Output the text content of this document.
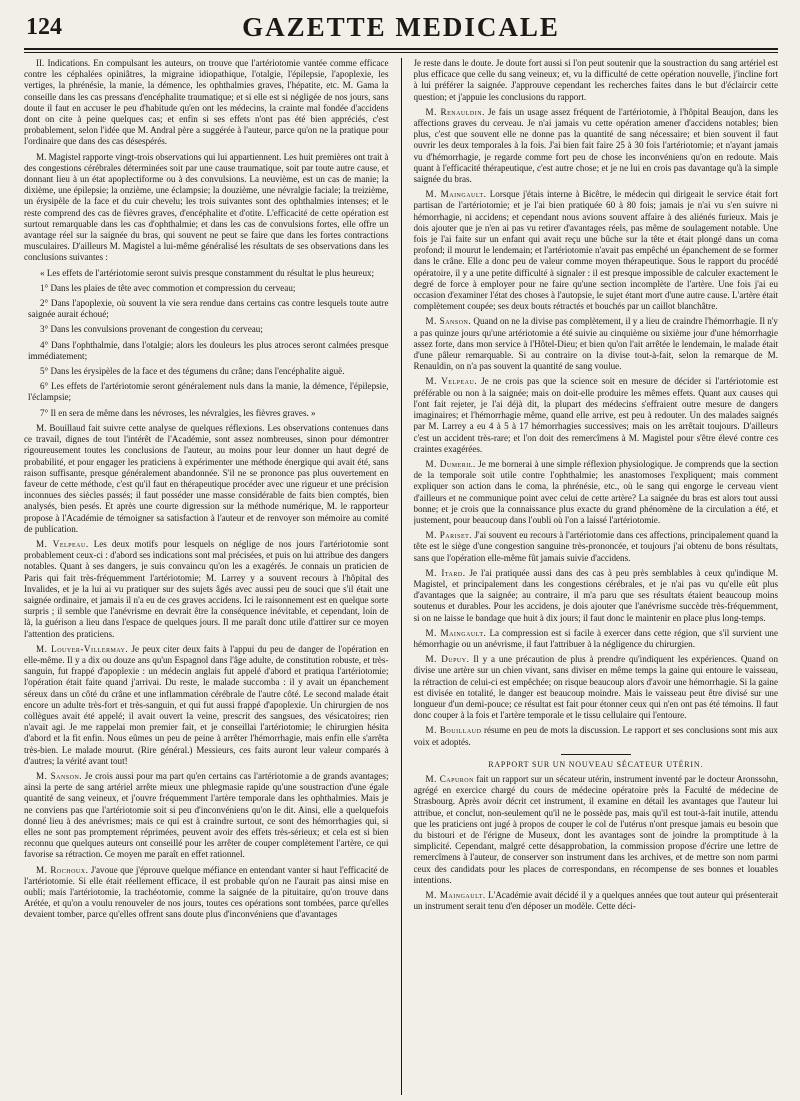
124	GAZETTE MEDICALE

II. Indications. En compulsant les auteurs, on trouve que l'artériotomie vantée comme efficace contre les céphalées opiniâtres, la migraine idiopathique, l'otalgie, l'épilepsie, l'apoplexie, les vertiges, la phrénésie, la manie, la démence, les ophthalmies graves, l'hépatite, etc. M. Gama la conseille dans les cas pressans d'encéphalite traumatique; et si elle est si négligée de nos jours, sans doute il faut en accuser le peu d'habitude qu'en ont les médecins, la crainte mal fondée d'accidens dont on cite à peine quelques cas; et enfin si ses effets n'ont pas été bien appréciés, c'est probablement, selon l'idée que M. Andral père a suggérée à l'auteur, parce qu'on ne la pratique pour l'ordinaire que dans des cas désespérés.

M. Magistel rapporte vingt-trois observations qui lui appartiennent. Les huit premières ont trait à des congestions cérébrales déterminées soit par une cause traumatique, soit par toute autre cause, et donnant lieu à un état apoplectiforme ou à des convulsions. La neuvième, est un cas de manie; la dixième, une épilepsie; la onzième, une éclampsie; la douzième, une névralgie faciale; la treizième, un érysipèle de la face et du cuir chevelu; les trois suivantes sont des ophthalmies intenses; et le reste comprend des cas de fièvres graves, d'encéphalite et d'otite. L'efficacité de cette opération est surtout remarquable dans les cas d'ophthalmie; et dans les cas de convulsions fortes, elle offre un avantage réel sur la saignée du bras, qui souvent ne peut se faire que dans les fortes contractions musculaires. D'ailleurs M. Magistel a lui-même généralisé les résultats de ses observations dans les conclusions suivantes :

« Les effets de l'artériotomie seront suivis presque constamment du résultat le plus heureux;

1° Dans les plaies de tête avec commotion et compression du cerveau;

2° Dans l'apoplexie, où souvent la vie sera rendue dans certains cas contre lesquels toute autre saignée aurait échoué;

3° Dans les convulsions provenant de congestion du cerveau;

4° Dans l'ophthalmie, dans l'otalgie; alors les douleurs les plus atroces seront calmées presque immédiatement;

5° Dans les érysipèles de la face et des tégumens du crâne; dans l'encéphalite aiguë.

6° Les effets de l'artériotomie seront généralement nuls dans la manie, la démence, l'épilepsie, l'éclampsie;

7° Il en sera de même dans les névroses, les névralgies, les fièvres graves. »

M. Bouillaud fait suivre cette analyse de quelques réflexions. Les observations contenues dans ce travail, dignes de tout l'intérêt de l'Académie, sont assez nombreuses, sinon pour démontrer rigoureusement toutes les conclusions de l'auteur, au moins pour leur donner un haut degré de probabilité, et pour engager les praticiens à expérimenter une méthode énergique qui avait été, sans raison suffisante, presque généralement abandonnée. S'il ne se prononce pas plus ouvertement en faveur de cette méthode, c'est qu'il faut en thérapeutique procéder avec une rigueur et une précision inconnues des siècles passés; il faut posséder une masse considérable de faits bien comptés, bien analysés, bien pesés. Et après une courte digression sur la méthode numérique, M. le rapporteur propose à l'Académie de témoigner sa satisfaction à l'auteur et de renvoyer son mémoire au comité de publication.

M. Velpeau. Les deux motifs pour lesquels on néglige de nos jours l'artériotomie sont probablement ceux-ci : d'abord ses indications sont mal précisées, et puis on lui attribue des dangers notables. Quant à ses dangers, je suis convaincu qu'on les a exagérés. Je connais un praticien de Paris qui fait très-fréquemment l'artériotomie; M. Larrey y a souvent recours à l'hôpital des Invalides, et je la lui ai vu pratiquer sur des sujets âgés avec aussi peu de souci que s'il était une saignée ordinaire, et jamais il n'a eu de ces graves accidens. Ici le raisonnement est en quelque sorte surpris ; il semble que l'anévrisme en devrait être la conséquence inévitable, et cependant, loin de là, la guérison a lieu dans l'espace de quelques jours. Il me paraît donc utile d'attirer sur ce moyen l'attention des praticiens.

M. Louyer-Villermay. Je peux citer deux faits à l'appui du peu de danger de l'opération en elle-même. Il y a dix ou douze ans qu'un Espagnol dans l'âge adulte, de constitution robuste, et très-sanguin, fut frappé d'apoplexie : un médecin anglais fut appelé d'abord et pratiqua l'artériotomie; l'opération était faite quand j'arrivai. Du reste, le malade succomba : il y avait un épanchement séreux dans un côté du crâne et une inflammation cérébrale de l'autre côté. Le second malade était encore un adulte très-fort et très-sanguin, et qui fut aussi frappé d'apoplexie. Un chirurgien de nos collègues avait été appelé; il avait ouvert la veine, prescrit des sangsues, des vésicatoires; rien n'avait agi. Je me rappelai mon premier fait, et je conseillai l'artériotomie; le chirurgien hésita d'abord et la fit enfin. Nous eûmes un peu de peine à arrêter l'hémorrhagie, mais enfin elle s'arrêta très-bien. Le malade mourut. (Rire général.) Messieurs, ces faits auront leur valeur comparés à d'autres; la vérité avant tout!

M. Sanson. Je crois aussi pour ma part qu'en certains cas l'artériotomie a de grands avantages; ainsi la perte de sang artériel arrête mieux une phlegmasie rapide qu'une soustraction d'une égale quantité de sang veineux, et j'ouvre fréquemment l'artère temporale dans les ophthalmies. Mais je ne conviens pas que l'artériotomie soit si peu d'inconvéniens qu'on le dit. Ainsi, elle a quelquefois donné lieu à des anévrismes; mais ce qui est à craindre surtout, ce sont des hémorrhagies qui, si elles ne sont pas promptement réprimées, peuvent avoir des effets très-sérieux; et cela est si bien reconnu que quelques auteurs ont conseillé pour les arrêter de couper complètement l'artère, ce qui favorise sa rétraction. Ce moyen me paraît en effet rationnel.

M. Rochoux. J'avoue que j'éprouve quelque méfiance en entendant vanter si haut l'efficacité de l'artériotomie. Si elle était réellement efficace, il est probable qu'on ne l'aurait pas ainsi mise en oubli; mais l'artériotomie, la trachéotomie, comme la saignée de la pituitaire, qu'on trouve dans Arétée, et qu'on a voulu renouveler de nos jours, toutes ces opérations sont tombées, parce qu'elles devaient tomber, parce qu'elles offrent sans doute plus d'inconvéniens que d'avantages

Je reste dans le doute. Je doute fort aussi si l'on peut soutenir que la soustraction du sang artériel est plus efficace que celle du sang veineux; et, vu la difficulté de cette opération nouvelle, j'incline fort à lui préférer la saignée. J'approuve cependant les recherches faites dans le but d'éclaircir cette question; et j'appuie les conclusions du rapport.

M. Renauldin. Je fais un usage assez fréquent de l'artériotomie, à l'hôpital Beaujon, dans les affections graves du cerveau. Je n'ai jamais vu cette opération amener d'accidens notables; bien plus, c'est que souvent elle ne donne pas la quantité de sang nécessaire; et bien souvent il faut ouvrir les deux temporales à la fois. J'ai bien fait faire 25 à 30 fois l'artériotomie; et n'ayant jamais vu d'hémorrhagie, je regarde comme fort peu de chose les inconvéniens qu'on en redoute. Mais quant à l'efficacité thérapeutique, c'est autre chose; et je ne lui en crois pas davantage qu'à la simple saignée du bras.

M. Maingault. Lorsque j'étais interne à Bicêtre, le médecin qui dirigeait le service était fort partisan de l'artériotomie; et je l'ai bien pratiquée 60 à 80 fois; jamais je n'ai vu s'en suivre ni hémorrhagie, ni accidens; et cependant nous avions souvent affaire à des aliénés furieux. Mais je dois ajouter que je n'en ai pas vu retirer d'avantages réels, pas même de soulagement notable. Une fois je l'ai faite sur un enfant qui avait reçu une bûche sur la tête et était plongé dans un coma profond; il mourut le lendemain; et l'artériotomie n'avait pas empêché un épanchement de se former dans le crâne. Elle a donc peu de valeur comme moyen thérapeutique. Sous le rapport du procédé opératoire, il y a une petite difficulté à signaler : il est presque impossible de calculer exactement le degré de force à employer pour ne faire qu'une section incomplète de l'artère. Une fois j'ai eu occasion d'examiner l'état des choses à l'autopsie, le sujet étant mort d'une autre cause. L'artère était complètement coupée; ses deux bouts rétractés et bouchés par un caillot blanchâtre.

M. Sanson. Quand on ne la divise pas complètement, il y a lieu de craindre l'hémorrhagie. Il n'y a pas quinze jours qu'une artériotomie a été suivie au cinquième ou sixième jour d'une hémorrhagie assez forte, dans mon service à l'Hôtel-Dieu; et bien qu'on l'ait arrêtée le lendemain, le malade était d'une pâleur remarquable. Si au contraire on la divise tout-à-fait, selon la remarque de M. Renauldin, on n'a pas souvent la quantité de sang voulue.

M. Velpeau. Je ne crois pas que la science soit en mesure de décider si l'artériotomie est préférable ou non à la saignée; mais on doit-elle produire les mêmes effets. Quant aux causes qui l'ont fait rejeter, je l'ai déjà dit, la plupart des médecins s'effraient outre mesure de dangers imaginaires; et l'hémorrhagie même, quand elle arrive, est peu à redouter. Un des malades saignés par M. Larrey a eu 4 à 5 à 17 hémorrhagies successives; mais on les arrêtait toujours. D'ailleurs c'est un accident très-rare; et l'on doit des remercîmens à M. Magistel pour s'être élevé contre ces craintes exagérées.

M. Dumeril. Je me bornerai à une simple réflexion physiologique. Je comprends que la section de la temporale soit utile contre l'ophthalmie; les anastomoses l'expliquent; mais comment expliquer son action dans le coma, la phrénésie, etc., où le sang qui engorge le cerveau vient d'ailleurs et ne communique point avec celui de cette artère? La saignée du bras est alors tout aussi bonne; et je crois que la connaissance plus exacte du grand phénomène de la circulation a été, et justement, pour beaucoup dans l'oubli où l'on a laissé l'artériotomie.

M. Pariset. J'ai souvent eu recours à l'artériotomie dans ces affections, principalement quand la tête est le siège d'une congestion sanguine très-prononcée, et toujours j'ai obtenu de bons résultats, sans que l'opération elle-même fût jamais suivie d'accidens.

M. Itard. Je l'ai pratiquée aussi dans des cas à peu près semblables à ceux qu'indique M. Magistel, et principalement dans les congestions cérébrales, et je n'ai pas vu qu'elle eût plus d'avantages que la saignée; au contraire, il m'a paru que ses résultats étaient beaucoup moins soutenus et durables. Pour les accidens, je dois ajouter que l'anévrisme succède très-fréquemment, si on ne laisse le bandage que huit à dix jours; il faut donc le maintenir en place plus long-temps.

M. Maingault. La compression est si facile à exercer dans cette région, que s'il survient une hémorrhagie ou un anévrisme, il faut l'attribuer à la négligence du chirurgien.

M. Dupuy. Il y a une précaution de plus à prendre qu'indiquent les expériences. Quand on divise une artère sur un chien vivant, sans diviser en même temps la gaine qui entoure le vaisseau, la rétraction de celui-ci est empêchée; on risque beaucoup alors d'avoir une hémorrhagie. Si la gaine est divisée en totalité, le danger est beaucoup moindre. Mais le vaisseau peut être divisé sur une longueur d'un demi-pouce; ce résultat est fait pour étonner ceux qui n'en ont pas été témoins. Il faut donc couper à la fois et l'artère temporale et le tissu cellulaire qui l'entoure.

M. Bouillaud résume en peu de mots la discussion. Le rapport et ses conclusions sont mis aux voix et adoptés.

RAPPORT SUR UN NOUVEAU SÉCATEUR UTÉRIN.

M. Capuron fait un rapport sur un sécateur utérin, instrument inventé par le docteur Aronssohn, agrégé en exercice chargé du cours de médecine opératoire près la Faculté de médecine de Strasbourg. Après avoir décrit cet instrument, il examine en détail les avantages que l'auteur lui attribue, et conclut, non-seulement qu'il ne le possède pas, mais qu'il est tout-à-fait inutile, attendu que les praticiens ont jugé à propos de couper le col de l'utérus n'ont presque jamais eu besoin que du bistouri et de l'érigne de Museux, dont les avantages sont de joindre la promptitude à la simplicité. Cependant, malgré cette désapprobation, la commission propose d'écrire une lettre de remercîmens à l'auteur, de conserver son instrument dans les archives, et de mettre son nom parmi ceux des candidats pour les places de correspondans, en récompense de ses bonnes et louables intentions.

M. Maingault. L'Académie avait décidé il y a quelques années que tout auteur qui présenterait un instrument serait tenu d'en déposer un modèle. Cette déci-
